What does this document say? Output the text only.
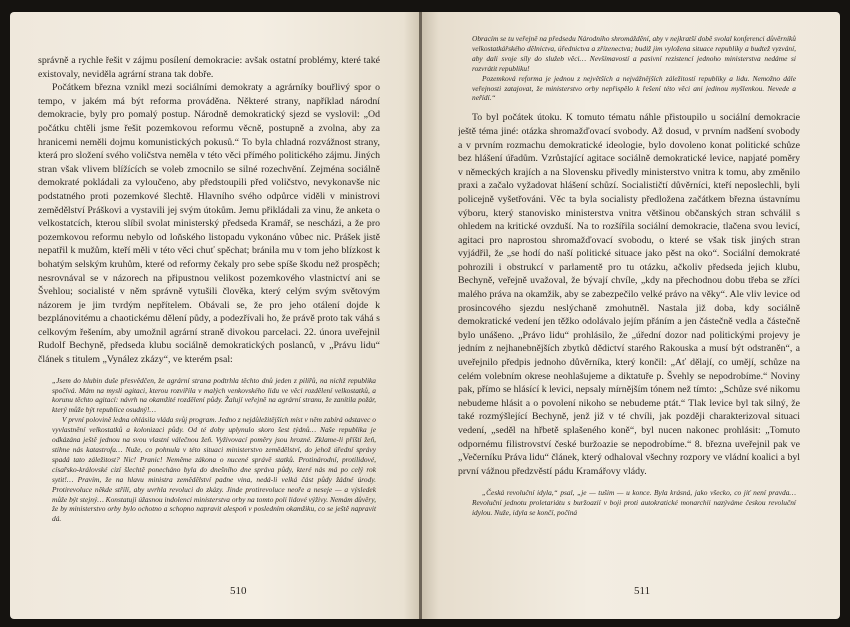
správně a rychle řešit v zájmu posílení demokracie: avšak ostatní problémy, které také existovaly, neviděla agrární strana tak dobře.

Počátkem března vznikl mezi sociálními demokraty a agrárníky bouřlivý spor o tempo, v jakém má být reforma prováděna. Některé strany, například národní demokracie, byly pro pomalý postup. Národně demokratický sjezd se vyslovil: „Od počátku chtěli jsme řešit pozemkovou reformu věcně, postupně a zvolna, aby za hranicemi neměli dojmu komunistických pokusů.“ To byla chladná rozvážnost strany, která pro složení svého voličstva neměla v této věci přímého politického zájmu. Jiných stran však vlivem blížících se voleb zmocnilo se silné rozechvění. Zejména sociálně demokraté pokládali za vyloučeno, aby předstoupili před voličstvo, nevykonavše nic podstatného proti pozemkové šlechtě. Hlavního svého odpůrce viděli v ministrovi zemědělství Práškovi a vystavili jej svým útokům. Jemu přikládali za vinu, že anketa o velkostatcích, kterou slíbil svolat ministerský předseda Kramář, se nescházi, a že pro pozemkovou reformu nebylo od loňského listopadu vykonáno vůbec nic. Prášek jistě nepatřil k mužům, kteří měli v této věci chuť spěchat; bránila mu v tom jeho blízkost k bohatým selským kruhům, které od reformy čekaly pro sebe spíše škodu než prospěch; nesrovnával se v názorech na připustnou velikost pozemkového vlastnictví ani se Švehlou; socialisté v něm správně vytušili člověka, který celým svým světovým názorem je jim tvrdým nepřítelem. Obávali se, že pro jeho otálení dojde k bezplánovitému a chaotickému dělení půdy, a podezřívali ho, že právě proto tak váhá s celkovým řešením, aby umožnil agrární straně divokou parcelaci. 22. února uveřejnil Rudolf Bechyně, předseda klubu sociálně demokratických poslanců, v „Právu lidu“ článek s titulem „Vynález zkázy“, ve kterém psal:

„Jsem do hlubin duše přesvědčen, že agrární strana podtrhla těchto dnů jeden z pilířů, na nichž republika spočívá. Mám na mysli agitaci, kterou rozvířila v malých venkovského lidu ve věci rozdělení velkostatků, a korunu těchto agitací: návrh na okamžité rozdělení půdy. Žalují veřejně na agrární stranu, že zanítila požár, který může být republice osudný!…

V první polovině ledna ohlásila vláda svůj program. Jedno z nejdůležitějších míst v něm zabírá odstavec o vyvlastnění velkostatků a kolonizaci půdy. Od té doby uplynulo skoro šest týdnů… Naše republika je odkázána ještě jednou na svou vlastní válečnou žeň. Vyživovací poměry jsou hrozné. Zklame-li příští žeň, stihne nás katastrofa… Nuže, co pohnula v této situaci ministerstvo zemědělství, do jehož úřední správy spadá tato záležitost? Nic! Pranic! Neměme zákona o nucené správě statků. Protinárodní, protilidové, císařsko-královské cizí šlechtě ponecháno byla do dnešního dne správa půdy, které nás má po celý rok sytit!… Pravím, že na hlavu ministra zemědělství padne vina, nedá-li velká část půdy žádné úrody. Protirevoluce někde střílí, aby uvrhla revoluci do zkázy. Jinde protirevoluce neoře a neseje — a výsledek může být stejný… Konstatuji úžasnou indolenci ministerstva orby na tomto poli lidové výživy. Nemám důvěry, že by ministerstvo orby bylo ochotno a schopno napravit alespoň v posledním okamžiku, co se ještě napravit dá.

510

Obracím se tu veřejně na předsedu Národního shromáždění, aby v nejkratší době svolal konferenci důvěrníků velkostatkářského dělnictva, úřednictva a zřízenectva; budiž jim vyložena situace republiky a budtež vyzvání, aby dali svoje síly do služeb věci… Nevšímavostí a pasivní rezistencí jednoho ministerstva nedáme si rozvrátit republiku!

Pozemková reforma je jednou z největších a nejvážnějších záležitostí republiky a lidu. Nemožno dále veřejnosti zatajovat, že ministerstvo orby nepřispělo k řešení této věci ani jedinou myšlenkou. Nevede a neřídí.“

To byl počátek útoku. K tomuto tématu náhle přistoupilo u sociální demokracie ještě téma jiné: otázka shromažďovací svobody. Až dosud, v prvním nadšení svobody a v prvním rozmachu demokratické ideologie, bylo dovoleno konat politické schůze bez hlášení úřadům. Vzrůstající agitace sociálně demokratické levice, napjaté poměry v německých krajích a na Slovensku přivedly ministerstvo vnitra k tomu, aby změnilo praxi a začalo vyžadovat hlášení schůzí. Socialističtí důvěrníci, kteří neposlechli, byli policejně vyšetřováni. Věc ta byla socialisty předložena začátkem března ústavnímu výboru, který stanovisko ministerstva vnitra většinou občanských stran schválil s ohledem na kritické ovzduší. Na to rozšířila sociální demokracie, tlačena svou levicí, agitaci pro naprostou shromažďovací svobodu, o které se však tisk jiných stran vyjádřil, že „se hodí do naší politické situace jako pěst na oko“. Sociální demokraté pohrozili i obstrukcí v parlamentě pro tu otázku, ačkoliv předseda jejich klubu, Bechyně, veřejně uvažoval, že bývají chvíle, „kdy na přechodnou dobu třeba se zříci malého práva na okamžik, aby se zabezpečilo velké právo na věky“. Ale vliv levice od prosincového sjezdu neslýchaně zmohutněl. Nastala již doba, kdy sociálně demokratické vedení jen těžko odolávalo jejím přáním a jen částečně vedla a částečně bylo unášeno. „Právo lidu“ prohlásilo, že „úřední dozor nad politickými projevy je jedním z nejhanebnějších zbytků dědictví starého Rakouska a musí být odstraněn“, a uveřejnilo předpis jednoho důvěrníka, který končil: „Ať dělají, co umějí, schůze na celém volebním okrese neohlašujeme a diktatuře p. Švehly se nepodrobíme.“ Noviny pak, přímo se hlásící k levici, nepsaly mírnějším tónem než tímto: „Schůze své nikomu nebudeme hlásit a o povolení nikoho se nebudeme ptát.“ Tlak levice byl tak silný, že také rozmýšlející Bechyně, jenž již v té chvíli, jak později charakterizoval situaci vedení, „seděl na hřbetě splašeného koně“, byl nucen nakonec prohlásit: „Tomuto odpornému filistrovství české buržoazie se nepodrobíme.“ 8. března uveřejnil pak ve „Večerníku Práva lidu“ článek, který odhaloval všechny rozpory ve vládní koalici a byl první vážnou předzvěstí pádu Kramářovy vlády.

„Česká revoluční idyla,“ psal, „je — tušim — u konce. Byla krásná, jako všecko, co jiť není pravda… Revoluční jednotu proletariátu s buržoazií v boji proti autokratické monarchii nazýváme českou revoluční idylou. Nuže, idyla se končí, počíná

511
